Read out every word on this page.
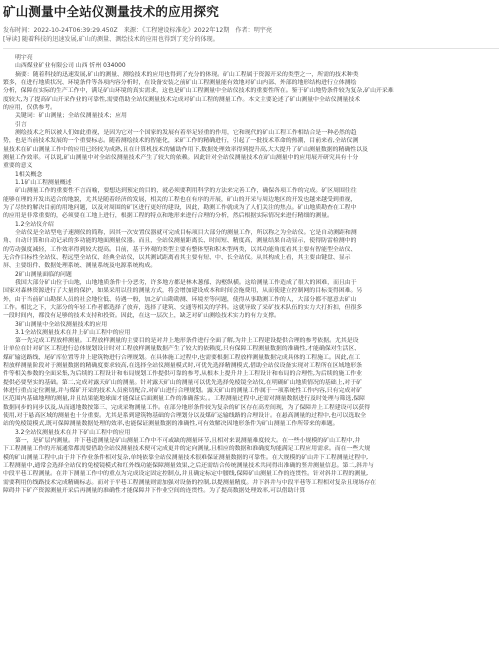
矿山测量中全站仪测量技术的应用探究

发布时间：2022-10-24T06:39:29.450Z　来源：《工程建设标准化》2022年12期　作者：明宇亮

[导读] 随着科技的迅速发展,矿山的测量、测绘技术的应用也得到了充分的体现。

明宇亮
山西煤业矿业有限公司 山西 忻州 034000
摘要：随着科技的迅速发展,矿山的测量、测绘技术的应用也得到了充分的体现。矿山工程属于资源开采的类型之一，所需的技术种类
繁多，在进行地质状况、环境条件等各项内容分析时，在设备安装之前矿山工程测量能有效地对矿山内部、外部的地形结构进行立体测绘
分析，保障在实际的生产工作中，满足矿山环境的真实需求，这也是矿山工程测量中全站仪技术的重要性所在。鉴于矿山地势条件较为复杂,矿山开采难
度较大,为了提高矿山开采作业的可靠性,需要借助全站仪测量技术完成对矿山工程的测量工作。本文主要论述了矿山测量中全站仪测量技术
的应用，仅供参考。
关键词：矿山测量；全站仪测量技术；应用
引言
测绘技术之所以被人们如此重视，是因为它对一个国家的发展有着举足轻重的作用，它和现代的矿山工程工作相结合是一种必然的趋
势，也是当前技术发展的一个重要标志。随着测绘技术的智能化，采矿工作的精确进行，引起了一批技术革命的热潮，目前来看,全站仪测
量技术在矿山测量工作中的应用已经较为成熟,且在计算机技术的辅助作用下,数据处理效率得到提升高,大大提升了矿山测量数据的精确性以及
测量工作效率。可以说,矿山测量中对全站仪测量技术产生了较大的依赖。因此针对全站仪测量技术在矿山测量中的应用展开研究具有十分
重要的意义
1相关概念
1.1矿山工程测量概述
矿山测量工作的重要性不言而喻，要想达到预定的目的，就必须要利用科学的方法来完善工作，确保各项工作的完成。矿区周围往往
能够在理的开发出适合的地貌，尤其是随着经济的发展，相关的工程也在有序的开展，矿山的开采与周边地区的开发也越来越受到重视，
为了尽快的解决目前的用地问题，以及对周围的矿区进行更好的建设，因此，勘测工作就成为了人们关注的焦点。矿山地质勘查在工程中
的应用是非常重要的，必须要在工地上进行，根据工程的特点和地形来进行合理的分析，然后根据实际情况来进行精细的测量。
1.2全站仪介绍
全站仪是全站型电子速测仪的简称，因其一次安置仪器就可完成目标项目大部分的测量工作，所以称之为全站仪。它是自动测距和测
角、自动计算和自动记录的多功能的地面测量仪器。而且，全站仪测量距离长、时间短、精度高，测量结果自动显示，使得防雷检测中的
的劳动强度减轻，工作效率得到较大提高。目前，基于外观的类型主要有整体型和积木型两类，以其功能角度看其主要有智能型全站仪、
无合作目标性全站仪、程远型全站仪、经典全站仪，以其测试距离看其主要有短、中、长全站仪。从其构成上看，其主要由键盘、显示
屏、主要组件、数据处理系统、测量系统及电源系统构成。
2矿山测量面临的问题
我国大部分矿山位于山地，山地地质条件十分恶劣，许多地方都是林木葱郁、沟壑纵横。这给测量工作造成了很大的困难，而且由于
国家对森林资源进行了大量的保护，如果采用以往的测量方式，将会增加建设成本和时间会拖费用，从而使建立控制网的目标变得困难。另
外，由于当前矿山勘探人员的社会地位低、待遇一般，加之矿山勘勘测、环境差等问题，使得从事勘测工作的人，大部分都不愿意去矿山
工作。相比之下，大部分的年轻工作者都选择了放弃，选择了建筑、交通等相关的学科。这就导致了采矿技术队伍的实力大打折扣，但很多
一段时间内，都没有足够的技术支持和投资。因此，在这一层次上，缺乏对矿山测绘技术实力的有力支撑。
3矿山测量中全站仪测量技术的应用
3.1全站仪测量技术在井上矿山工程中的应用
第一先完成工程放样测量。工程放样测量的主要目的是对井上地形条件进行全面了解,为井上工程建设提供合理的参考依据。尤其是设
计单位在针对矿区工程进行总体规划设计时对工程放样测量数据产生了较大的依赖度,只有保障工程测量数据的准确性,才能确保对生活区、
煤矿输送路线、尾矿库位置等井上建筑物进行合理规划。在具体施工过程中,也需要根据工程放样测量数据完成具体的工程施工。因此,在工
程放样测量阶段对于测量数据的精确度要求较高,在选择全站仪测量模式时,可优先选择精测模式,借助全站仪设备实现对工程所在区域地形条
件等相关参数的全面采集,为后续的工程设计和布局规划工作提供可靠的参考,从根本上提升井上工程设计和布局的合理性,为后续的施工作业
提供必要坚实的基础。第二,完成对露天矿山的测量。针对露天矿山的测量可以优先选择免棱镜全站仪,在明确矿山地质情况的基础上,对于矿
体进行重点定位测量,并与煤矿开采的技术人员密切配合,对矿山进行合理规划。露天矿山的测量工作属于一项系统性工作内容,只有完成对矿
区范围内基础地理的测量,并且结果能地球面才能保证后面测量工作的准确落实。。工程测量过程中,还需对测量数据进行及时处理与筛选,保障
数据同步的同步以及,从而通地数按第三、完成采物测量工作。在部分地形条件较为复杂的矿区存在高差间现，为了保障井上工程建设可以获得
使用,对于悬高区域的测量也十分重要。尤其是系到建筑物基础的合理划分以及煤矿运输线路的合理设计。在悬高测量的过程中,也可以选取全
站的免棱镜模式,既可保障测量数据处理的效率,也能保证测量数据的准确性,可有效解决因地形条件为矿山测量工作所带来的难题。
3.2全站仪测量技术在井下矿山工程中的应用
第一，是矿层内测量。井下巷道测量是矿山测量工作中不可或缺的测量环节,且相对来说测量难度较大。在一些小规模的矿山工程中,井
下工程测量工作的开展通常都需要借助全站仪测量技术便可完成更井的定向测量,且相应的数据和准确度均能满足工程应用需求。而在一些大规
模的矿山测量工程中,由于井下作业条件相对复杂,单纯依靠全站仪测量技术很难保证测量数据的可靠性。在大规模的矿山井下工程测量过程中,
工程测量中,通常会选择全站仪的免棱镜模式和红外线功能保障测量效果,之后还需结合传统测量技术共同得出准确的竖井测量信息。第二,斜井与
中段平巷工程测量。在井下测量工作中的重点为完成设定固定控制点,并且确定标定中腰线,保障矿山测量工作的连贯性。针对斜井工程的测量,
需要利用仿线路技术完成精确标志。而对于平巷工程测量则需加强对设备的控制,以提测量精度。井下斜井与中段平巷等工程相对复杂且现场存在
障碍井下矿产资源测量开采后再测量的准确性才能保障井下作业空间的连贯性。为了提高数据处理效率,可以借助计算
